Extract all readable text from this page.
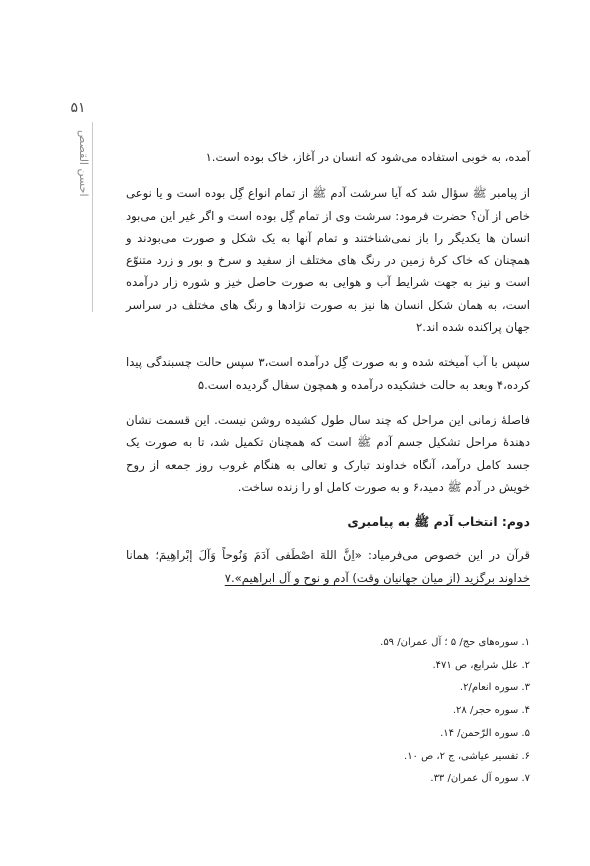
۵۱
احسن القصص	آمده، به خوبی استفاده می‌شود که انسان در آغاز، خاک بوده است.۱

از پیامبر ﷺ سؤال شد که آیا سرشت آدم ﷺ از تمام انواع گِل بوده است و یا نوعی خاص از آن؟ حضرت فرمود: سرشت وی از تمام گِل بوده است و اگر غیر این می‌بود انسان ها یکدیگر را باز نمی‌شناختند و تمام آنها به یک شکل و صورت می‌بودند و همچنان که خاک کرهٔ زمین در رنگ های مختلف از سفید و سرخ و بور و زرد متنوّع است و نیز به جهت شرایط آب و هوایی به صورت حاصل خیز و شوره زار درآمده است، به همان شکل انسان ها نیز به صورت نژادها و رنگ های مختلف در سراسر جهان پراکنده شده اند.۲

سپس با آب آمیخته شده و به صورت گِل درآمده است،۳ سپس حالت چسبندگی پیدا کرده،۴ وبعد به حالت خشکیده درآمده و همچون سفال گردیده است.۵

فاصلهٔ زمانی این مراحل که چند سال طول کشیده روشن نیست. این قسمت نشان دهندهٔ مراحل تشکیل جسم آدم ﷺ است که همچنان تکمیل شد، تا به صورت یک جسد کامل درآمد، آنگاه خداوند تبارک و تعالی به هنگام غروب روز جمعه از روح خویش در آدم ﷺ دمید،۶ و به صورت کامل او را زنده ساخت.

دوم: انتخاب آدم ﷺ به پیامبری

قرآن در این خصوص می‌فرمیاد: «اِنَّ اللهَ اصْطَفی آدَمَ وَنُوحاً وَآلَ إبْراهِیمَ؛ همانا خداوند برگزید (از میان جهانیان وقت) آدم و نوح و آل ابراهیم».۷

۱. سوره‌های حج/ ۵ ؛ آل عمران/ ۵۹.
۲. علل شرایع، ص ۴۷۱.
۳. سوره انعام/۲.
۴. سوره حجر/ ۲۸.
۵. سوره الرّحمن/ ۱۴.
۶. تفسیر عیاشی، ج ۲، ص ۱۰.
۷. سوره آل عمران/ ۳۳.
